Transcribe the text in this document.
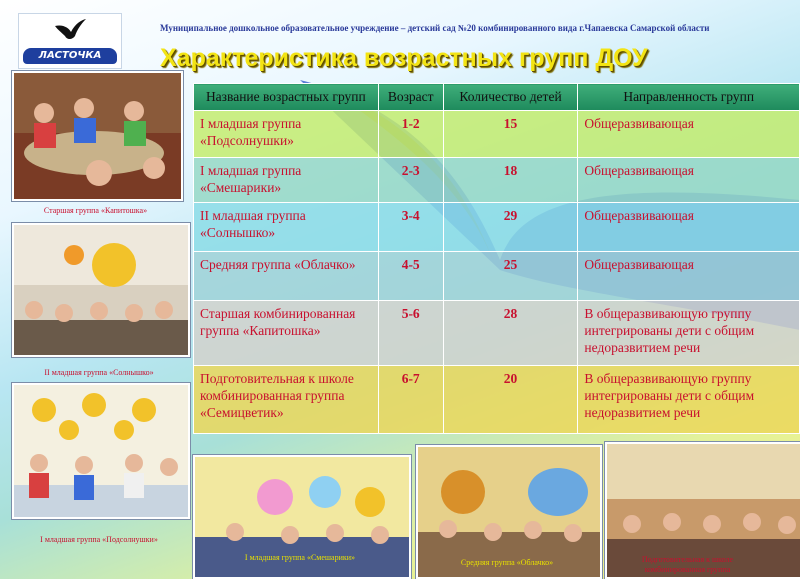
ЛАСТОЧКА
Муниципальное дошкольное образовательное учреждение – детский сад №20 комбинированного вида г.Чапаевска Самарской области
Характеристика возрастных групп ДОУ
Старшая группа «Капитошка»
II младшая группа «Солнышко»
I младшая группа «Подсолнушки»
Название возрастных групп	Возраст	Количество детей	Направленность групп
I младшая группа «Подсолнушки»	1-2	15	Общеразвивающая
I младшая группа «Смешарики»	2-3	18	Общеразвивающая
II младшая группа «Солнышко»	3-4	29	Общеразвивающая
Средняя группа «Облачко»	4-5	25	Общеразвивающая
Старшая комбинированная группа «Капитошка»	5-6	28	В общеразвивающую группу интегрированы дети с общим недоразвитием речи
Подготовительная к школе комбинированная группа «Семицветик»	6-7	20	В общеразвивающую группу интегрированы дети с общим недоразвитием речи
I младшая группа «Смешарики»
Средняя группа «Облачко»	Подготовительная к школе комбинированная группа
